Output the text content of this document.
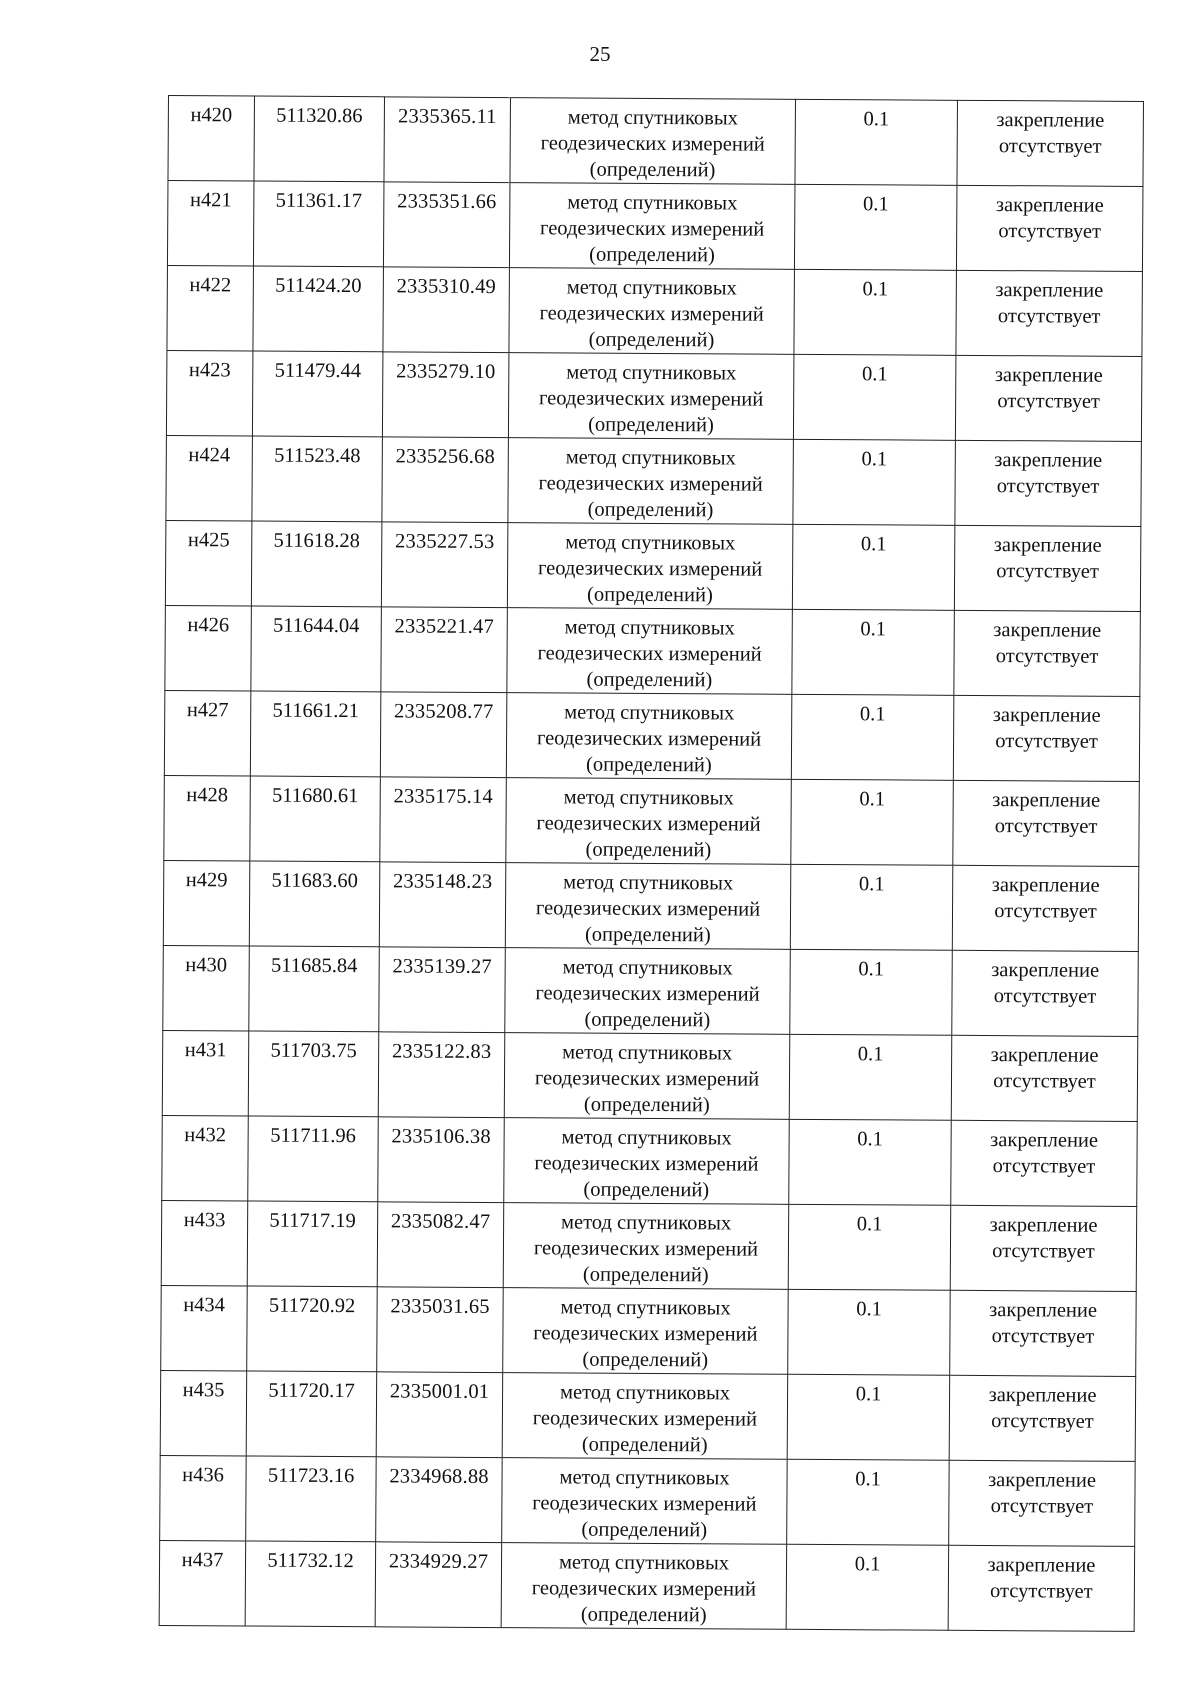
25
н420	511320.86	2335365.11	метод спутниковых геодезических измерений (определений)	0.1	закрепление отсутствует
н421	511361.17	2335351.66	метод спутниковых геодезических измерений (определений)	0.1	закрепление отсутствует
н422	511424.20	2335310.49	метод спутниковых геодезических измерений (определений)	0.1	закрепление отсутствует
н423	511479.44	2335279.10	метод спутниковых геодезических измерений (определений)	0.1	закрепление отсутствует
н424	511523.48	2335256.68	метод спутниковых геодезических измерений (определений)	0.1	закрепление отсутствует
н425	511618.28	2335227.53	метод спутниковых геодезических измерений (определений)	0.1	закрепление отсутствует
н426	511644.04	2335221.47	метод спутниковых геодезических измерений (определений)	0.1	закрепление отсутствует
н427	511661.21	2335208.77	метод спутниковых геодезических измерений (определений)	0.1	закрепление отсутствует
н428	511680.61	2335175.14	метод спутниковых геодезических измерений (определений)	0.1	закрепление отсутствует
н429	511683.60	2335148.23	метод спутниковых геодезических измерений (определений)	0.1	закрепление отсутствует
н430	511685.84	2335139.27	метод спутниковых геодезических измерений (определений)	0.1	закрепление отсутствует
н431	511703.75	2335122.83	метод спутниковых геодезических измерений (определений)	0.1	закрепление отсутствует
н432	511711.96	2335106.38	метод спутниковых геодезических измерений (определений)	0.1	закрепление отсутствует
н433	511717.19	2335082.47	метод спутниковых геодезических измерений (определений)	0.1	закрепление отсутствует
н434	511720.92	2335031.65	метод спутниковых геодезических измерений (определений)	0.1	закрепление отсутствует
н435	511720.17	2335001.01	метод спутниковых геодезических измерений (определений)	0.1	закрепление отсутствует
н436	511723.16	2334968.88	метод спутниковых геодезических измерений (определений)	0.1	закрепление отсутствует
н437	511732.12	2334929.27	метод спутниковых геодезических измерений (определений)	0.1	закрепление отсутствует
